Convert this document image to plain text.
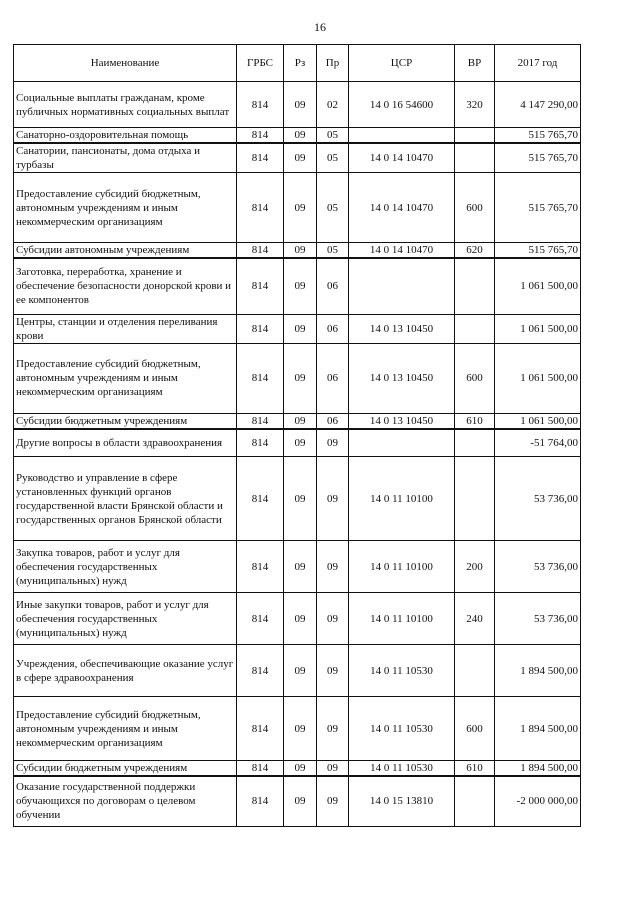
16
Наименование	ГРБС	Рз	Пр	ЦСР	ВР	2017 год
Социальные выплаты гражданам, кроме публичных нормативных социальных выплат	814	09	02	14 0 16 54600	320	4 147 290,00
Санаторно-оздоровительная помощь	814	09	05			515 765,70
Санатории, пансионаты, дома отдыха и турбазы	814	09	05	14 0 14 10470		515 765,70
Предоставление субсидий бюджетным, автономным учреждениям и иным некоммерческим организациям	814	09	05	14 0 14 10470	600	515 765,70
Субсидии автономным учреждениям	814	09	05	14 0 14 10470	620	515 765,70
Заготовка, переработка, хранение и обеспечение безопасности донорской крови и ее компонентов	814	09	06			1 061 500,00
Центры, станции и отделения переливания крови	814	09	06	14 0 13 10450		1 061 500,00
Предоставление субсидий бюджетным, автономным учреждениям и иным некоммерческим организациям	814	09	06	14 0 13 10450	600	1 061 500,00
Субсидии бюджетным учреждениям	814	09	06	14 0 13 10450	610	1 061 500,00
Другие вопросы в области здравоохранения	814	09	09			-51 764,00
Руководство и управление в сфере установленных функций органов государственной власти Брянской области и государственных органов Брянской области	814	09	09	14 0 11 10100		53 736,00
Закупка товаров, работ и услуг для обеспечения государственных (муниципальных) нужд	814	09	09	14 0 11 10100	200	53 736,00
Иные закупки товаров, работ и услуг для обеспечения государственных (муниципальных) нужд	814	09	09	14 0 11 10100	240	53 736,00
Учреждения, обеспечивающие оказание услуг в сфере здравоохранения	814	09	09	14 0 11 10530		1 894 500,00
Предоставление субсидий бюджетным, автономным учреждениям и иным некоммерческим организациям	814	09	09	14 0 11 10530	600	1 894 500,00
Субсидии бюджетным учреждениям	814	09	09	14 0 11 10530	610	1 894 500,00
Оказание государственной поддержки обучающихся по договорам о целевом обучении	814	09	09	14 0 15 13810		-2 000 000,00
